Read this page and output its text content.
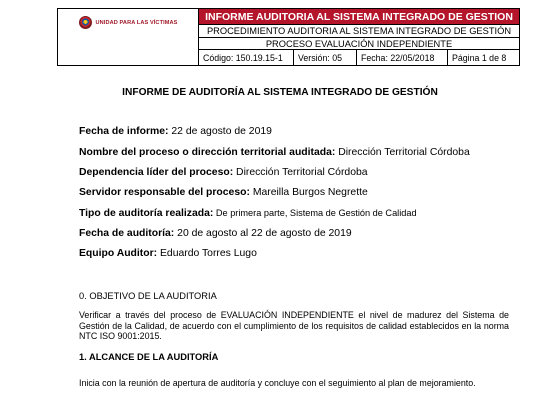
UNIDAD PARA LAS VÍCTIMAS	INFORME AUDITORIA AL SISTEMA INTEGRADO DE GESTION
PROCEDIMIENTO AUDITORIA AL SISTEMA INTEGRADO DE GESTIÓN
PROCESO EVALUACIÓN INDEPENDIENTE
Código: 150.19.15-1	Versión: 05	Fecha: 22/05/2018	Página 1 de 8
INFORME DE AUDITORÍA AL SISTEMA INTEGRADO DE GESTIÓN
Fecha de informe: 22 de agosto de 2019
Nombre del proceso o dirección territorial auditada: Dirección Territorial Córdoba
Dependencia líder del proceso: Dirección Territorial Córdoba
Servidor responsable del proceso: Mareilla Burgos Negrette
Tipo de auditoría realizada: De primera parte, Sistema de Gestión de Calidad
Fecha de auditoría: 20 de agosto al 22 de agosto de 2019
Equipo Auditor: Eduardo Torres Lugo
0. OBJETIVO DE LA AUDITORIA
Verificar a través del proceso de EVALUACIÓN INDEPENDIENTE el nivel de madurez del Sistema de Gestión de la Calidad, de acuerdo con el cumplimiento de los requisitos de calidad establecidos en la norma NTC ISO 9001:2015.
1. ALCANCE DE LA AUDITORÍA
Inicia con la reunión de apertura de auditoría y concluye con el seguimiento al plan de mejoramiento.
